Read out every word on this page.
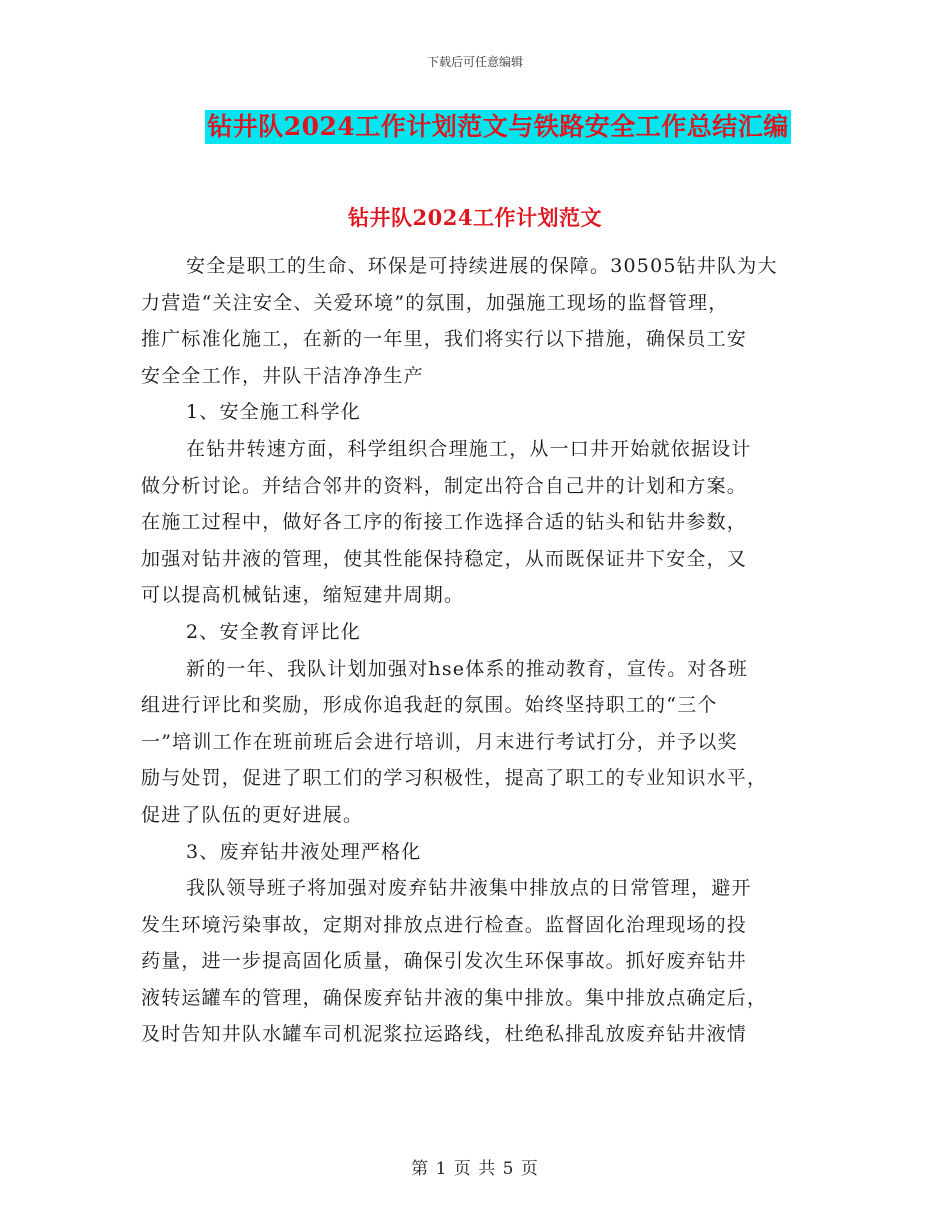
下载后可任意编辑
钻井队2024工作计划范文与铁路安全工作总结汇编
钻井队2024工作计划范文
安全是职工的生命、环保是可持续进展的保障。30505钻井队为大
力营造“关注安全、关爱环境”的氛围，加强施工现场的监督管理，
推广标准化施工，在新的一年里，我们将实行以下措施，确保员工安
安全全工作，井队干洁净净生产
1、安全施工科学化
在钻井转速方面，科学组织合理施工，从一口井开始就依据设计
做分析讨论。并结合邻井的资料，制定出符合自己井的计划和方案。
在施工过程中，做好各工序的衔接工作选择合适的钻头和钻井参数，
加强对钻井液的管理，使其性能保持稳定，从而既保证井下安全，又
可以提高机械钻速，缩短建井周期。
2、安全教育评比化
新的一年、我队计划加强对hse体系的推动教育，宣传。对各班
组进行评比和奖励，形成你追我赶的氛围。始终坚持职工的“三个
一”培训工作在班前班后会进行培训，月末进行考试打分，并予以奖
励与处罚，促进了职工们的学习积极性，提高了职工的专业知识水平，
促进了队伍的更好进展。
3、废弃钻井液处理严格化
我队领导班子将加强对废弃钻井液集中排放点的日常管理，避开
发生环境污染事故，定期对排放点进行检查。监督固化治理现场的投
药量，进一步提高固化质量，确保引发次生环保事故。抓好废弃钻井
液转运罐车的管理，确保废弃钻井液的集中排放。集中排放点确定后，
及时告知井队水罐车司机泥浆拉运路线，杜绝私排乱放废弃钻井液情
第 1 页 共 5 页
